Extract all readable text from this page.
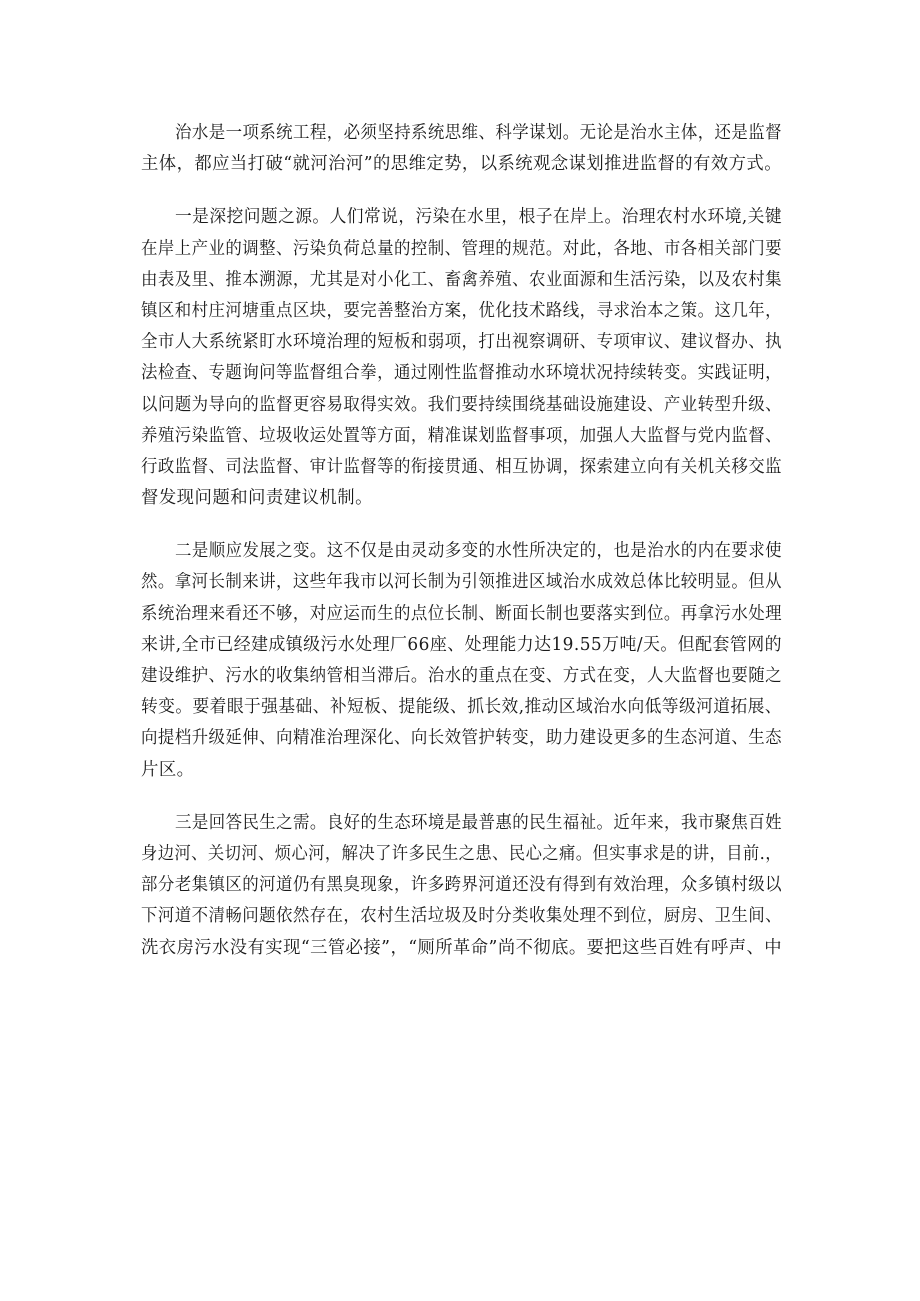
治水是一项系统工程，必须坚持系统思维、科学谋划。无论是治水主体，还是监督
主体，都应当打破“就河治河”的思维定势，以系统观念谋划推进监督的有效方式。
一是深挖问题之源。人们常说，污染在水里，根子在岸上。治理农村水环境,关键
在岸上产业的调整、污染负荷总量的控制、管理的规范。对此，各地、市各相关部门要
由表及里、推本溯源，尤其是对小化工、畜禽养殖、农业面源和生活污染，以及农村集
镇区和村庄河塘重点区块，要完善整治方案，优化技术路线，寻求治本之策。这几年，
全市人大系统紧盯水环境治理的短板和弱项，打出视察调研、专项审议、建议督办、执
法检查、专题询问等监督组合拳，通过刚性监督推动水环境状况持续转变。实践证明，
以问题为导向的监督更容易取得实效。我们要持续围绕基础设施建设、产业转型升级、
养殖污染监管、垃圾收运处置等方面，精准谋划监督事项，加强人大监督与党内监督、
行政监督、司法监督、审计监督等的衔接贯通、相互协调，探索建立向有关机关移交监
督发现问题和问责建议机制。
二是顺应发展之变。这不仅是由灵动多变的水性所决定的，也是治水的内在要求使
然。拿河长制来讲，这些年我市以河长制为引领推进区域治水成效总体比较明显。但从
系统治理来看还不够，对应运而生的点位长制、断面长制也要落实到位。再拿污水处理
来讲,全市已经建成镇级污水处理厂66座、处理能力达19.55万吨/天。但配套管网的
建设维护、污水的收集纳管相当滞后。治水的重点在变、方式在变，人大监督也要随之
转变。要着眼于强基础、补短板、提能级、抓长效,推动区域治水向低等级河道拓展、
向提档升级延伸、向精准治理深化、向长效管护转变，助力建设更多的生态河道、生态
片区。
三是回答民生之需。良好的生态环境是最普惠的民生福祉。近年来，我市聚焦百姓
身边河、关切河、烦心河，解决了许多民生之患、民心之痛。但实事求是的讲，目前.，
部分老集镇区的河道仍有黑臭现象，许多跨界河道还没有得到有效治理，众多镇村级以
下河道不清畅问题依然存在，农村生活垃圾及时分类收集处理不到位，厨房、卫生间、
洗衣房污水没有实现“三管必接”，“厕所革命”尚不彻底。要把这些百姓有呼声、中
